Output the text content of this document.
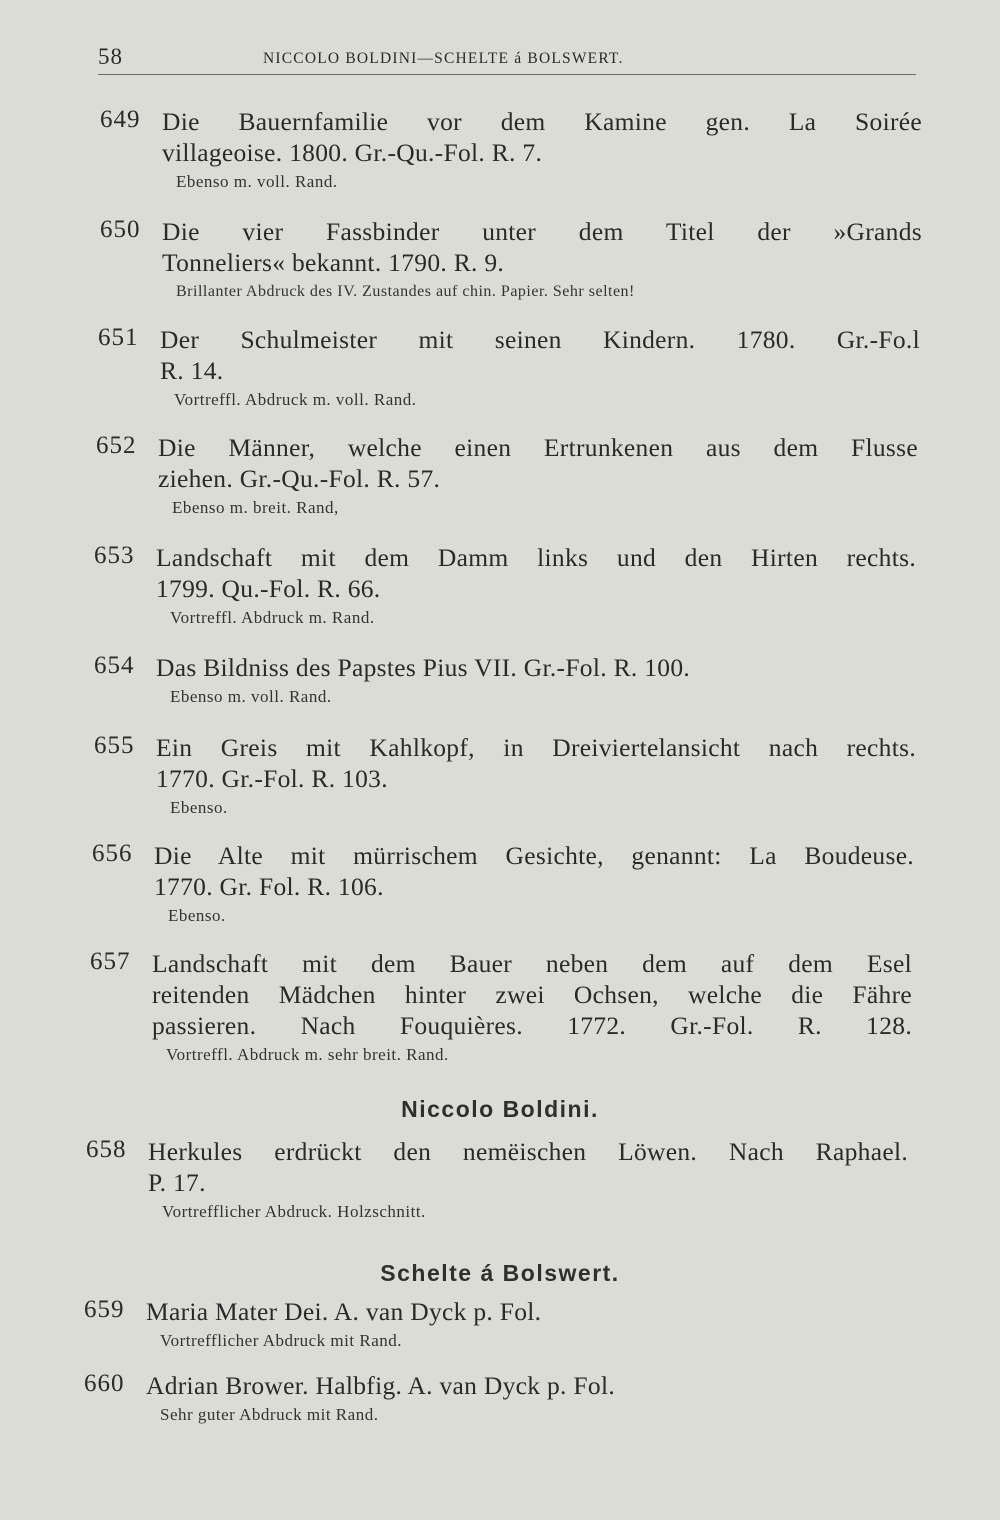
58	NICCOLO BOLDINI—SCHELTE á BOLSWERT.
649 Die Bauernfamilie vor dem Kamine gen. La Soirée
villageoise. 1800. Gr.-Qu.-Fol. R. 7.
Ebenso m. voll. Rand.
650 Die vier Fassbinder unter dem Titel der »Grands
Tonneliers« bekannt. 1790. R. 9.
Brillanter Abdruck des IV. Zustandes auf chin. Papier. Sehr selten!
651 Der Schulmeister mit seinen Kindern. 1780. Gr.-Fo.l
R. 14.
Vortreffl. Abdruck m. voll. Rand.
652 Die Männer, welche einen Ertrunkenen aus dem Flusse
ziehen. Gr.-Qu.-Fol. R. 57.
Ebenso m. breit. Rand,
653 Landschaft mit dem Damm links und den Hirten rechts.
1799. Qu.-Fol. R. 66.
Vortreffl. Abdruck m. Rand.
654 Das Bildniss des Papstes Pius VII. Gr.-Fol. R. 100.
Ebenso m. voll. Rand.
655 Ein Greis mit Kahlkopf, in Dreiviertelansicht nach rechts.
1770. Gr.-Fol. R. 103.
Ebenso.
656 Die Alte mit mürrischem Gesichte, genannt: La Boudeuse.
1770. Gr. Fol. R. 106.
Ebenso.
657 Landschaft mit dem Bauer neben dem auf dem Esel
reitenden Mädchen hinter zwei Ochsen, welche die Fähre
passieren. Nach Fouquières. 1772. Gr.-Fol. R. 128.
Vortreffl. Abdruck m. sehr breit. Rand.
Niccolo Boldini.
658 Herkules erdrückt den nemëischen Löwen. Nach Raphael.
P. 17.
Vortrefflicher Abdruck. Holzschnitt.
Schelte á Bolswert.
659 Maria Mater Dei. A. van Dyck p. Fol.
Vortrefflicher Abdruck mit Rand.
660 Adrian Brower. Halbfig. A. van Dyck p. Fol.
Sehr guter Abdruck mit Rand.
